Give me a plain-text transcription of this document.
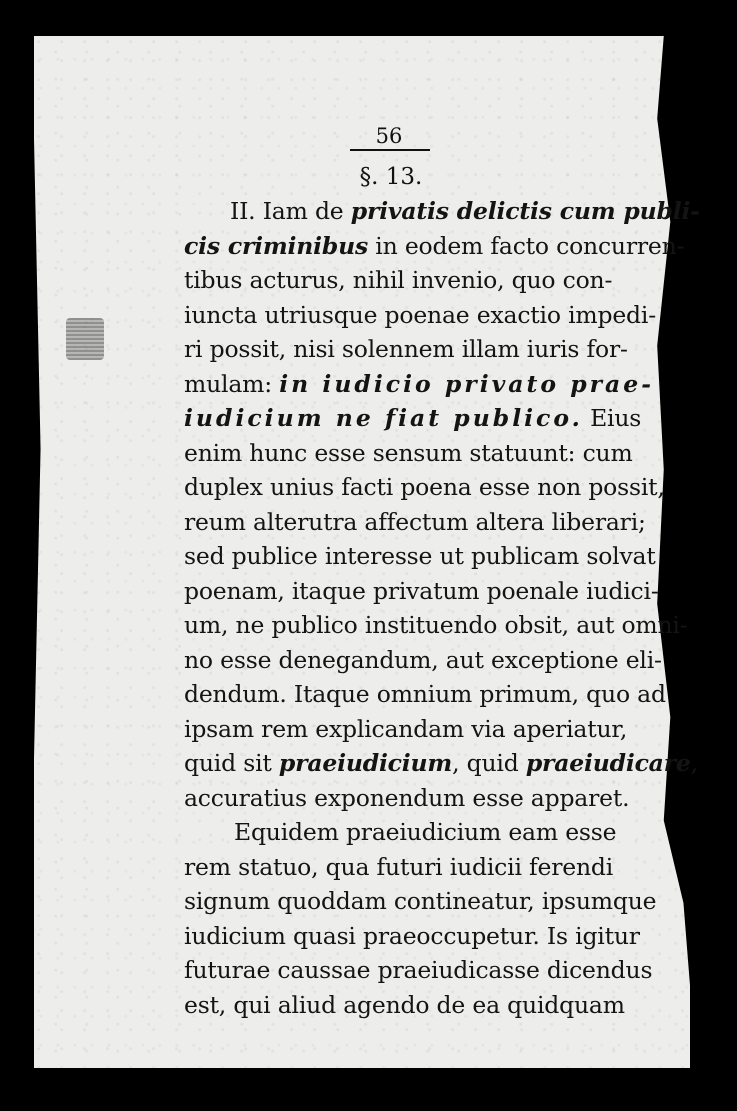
56
§. 13.
II. Iam de privatis delictis cum publi-
cis criminibus in eodem facto concurren-
tibus acturus, nihil invenio, quo con-
iuncta utriusque poenae exactio impedi-
ri possit, nisi solennem illam iuris for-
mulam: in iudicio privato prae-
iudicium ne fiat publico. Eius
enim hunc esse sensum statuunt: cum
duplex unius facti poena esse non possit,
reum alterutra affectum altera liberari;
sed publice interesse ut publicam solvat
poenam, itaque privatum poenale iudici-
um, ne publico instituendo obsit, aut omni-
no esse denegandum, aut exceptione eli-
dendum. Itaque omnium primum, quo ad
ipsam rem explicandam via aperiatur,
quid sit praeiudicium, quid praeiudicare,
accuratius exponendum esse apparet.
Equidem praeiudicium eam esse
rem statuo, qua futuri iudicii ferendi
signum quoddam contineatur, ipsumque
iudicium quasi praeoccupetur. Is igitur
futurae caussae praeiudicasse dicendus
est, qui aliud agendo de ea quidquam
